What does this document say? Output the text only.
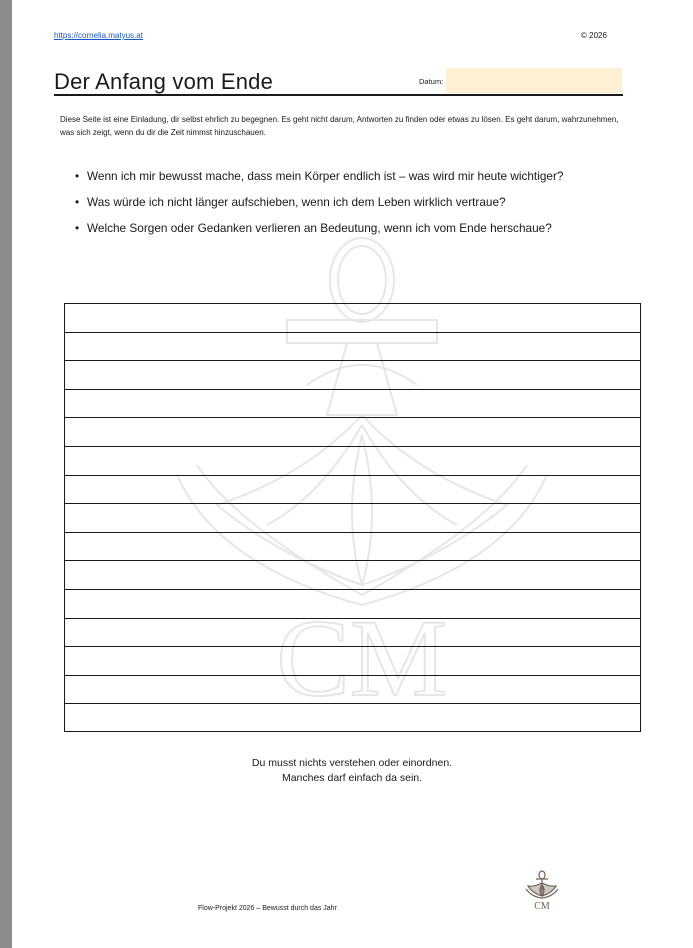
https://cornelia.matyus.at	© 2026
Der Anfang vom Ende	Datum:
Diese Seite ist eine Einladung, dir selbst ehrlich zu begegnen. Es geht nicht darum, Antworten zu finden oder etwas zu lösen. Es geht darum, wahrzunehmen, was sich zeigt, wenn du dir die Zeit nimmst hinzuschauen.
• Wenn ich mir bewusst mache, dass mein Körper endlich ist – was wird mir heute wichtiger?
• Was würde ich nicht länger aufschieben, wenn ich dem Leben wirklich vertraue?
• Welche Sorgen oder Gedanken verlieren an Bedeutung, wenn ich vom Ende herschaue?
CM
Du musst nichts verstehen oder einordnen.
Manches darf einfach da sein.
Flow-Projekt 2026 – Bewusst durch das Jahr	CM
